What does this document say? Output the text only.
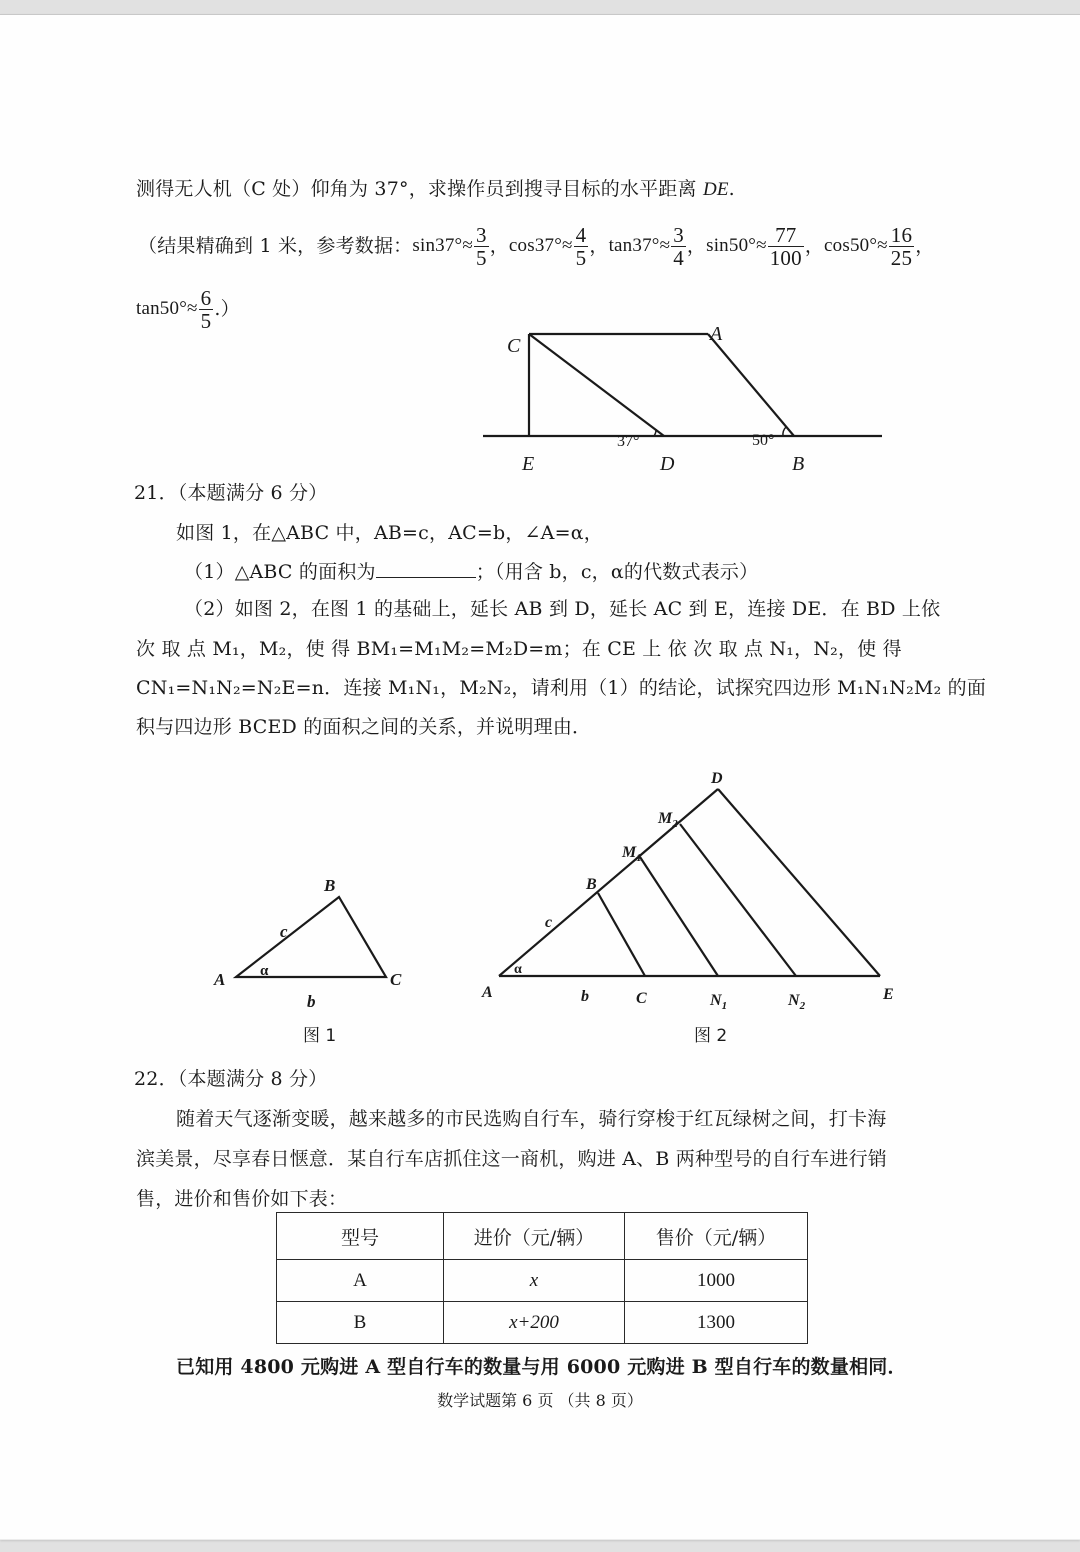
测得无人机（C 处）仰角为 37°，求操作员到搜寻目标的水平距离 DE.
（结果精确到 1 米，参考数据： $\sin 37^\circ\approx \frac{3}{5}$ ， $\cos 37^\circ\approx \frac{4}{5}$ ， $\tan 37^\circ\approx \frac{3}{4}$ ， $\sin 50^\circ\approx \frac{77}{100}$ ， $\cos 50^\circ\approx \frac{16}{25}$ ，
$\tan 50^\circ\approx \frac{6}{5}$ .）
C
A
E	D	B
37°	50°
21．（本题满分 6 分）
如图 1，在△ABC 中，AB=c，AC=b，∠A=α，
（1）△ABC 的面积为	；（用含 b，c，α的代数式表示）
（2）如图 2，在图 1 的基础上，延长 AB 到 D，延长 AC 到 E，连接 DE．在 BD 上依
次 取 点 M₁，M₂，使 得 BM₁=M₁M₂=M₂D=m；在 CE 上 依 次 取 点 N₁，N₂，使 得
CN₁=N₁N₂=N₂E=n．连接 M₁N₁，M₂N₂，请利用（1）的结论，试探究四边形 M₁N₁N₂M₂ 的面
积与四边形 BCED 的面积之间的关系，并说明理由．
A
B
C
c
b
α
图 1
A
B
C
D
E
$M_1$
$M_2$
$N_1$	$N_2$
c
b
α
图 2
22．（本题满分 8 分）
随着天气逐渐变暖，越来越多的市民选购自行车，骑行穿梭于红瓦绿树之间，打卡海
滨美景，尽享春日惬意．某自行车店抓住这一商机，购进 A、B 两种型号的自行车进行销
售，进价和售价如下表：
型号	进价（元/辆）	售价（元/辆）
A	x	1000
B	x+200	1300
已知用 4800 元购进 A 型自行车的数量与用 6000 元购进 B 型自行车的数量相同．
数学试题第 6 页 （共 8 页）
